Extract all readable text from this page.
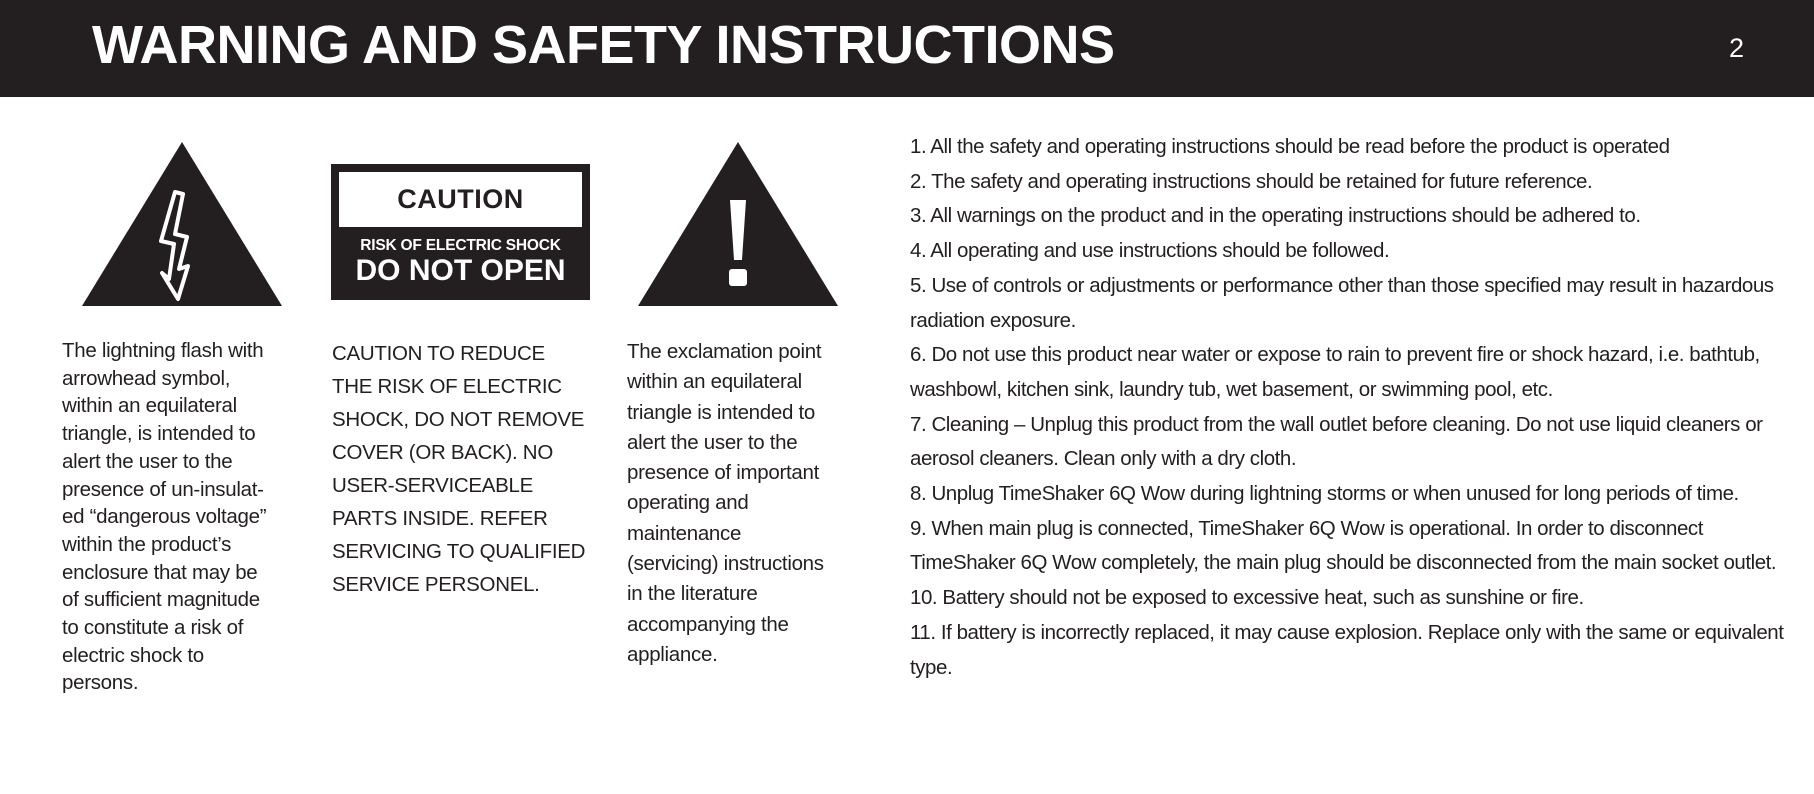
WARNING AND SAFETY INSTRUCTIONS	2
CAUTION
RISK OF ELECTRIC SHOCK
DO NOT OPEN
The lightning flash with
arrowhead symbol,
within an equilateral
triangle, is intended to
alert the user to the
presence of un-insulat-
ed “dangerous voltage”
within the product’s
enclosure that may be
of sufficient magnitude
to constitute a risk of
electric shock to
persons.
CAUTION TO REDUCE
THE RISK OF ELECTRIC
SHOCK, DO NOT REMOVE
COVER (OR BACK). NO
USER-SERVICEABLE
PARTS INSIDE. REFER
SERVICING TO QUALIFIED
SERVICE PERSONEL.
The exclamation point
within an equilateral
triangle is intended to
alert the user to the
presence of important
operating and
maintenance
(servicing) instructions
in the literature
accompanying the
appliance.
1. All the safety and operating instructions should be read before the product is operated
2. The safety and operating instructions should be retained for future reference.
3. All warnings on the product and in the operating instructions should be adhered to.
4. All operating and use instructions should be followed.
5. Use of controls or adjustments or performance other than those specified may result in hazardous radiation exposure.
6. Do not use this product near water or expose to rain to prevent fire or shock hazard, i.e. bathtub, washbowl, kitchen sink, laundry tub, wet basement, or swimming pool, etc.
7. Cleaning – Unplug this product from the wall outlet before cleaning. Do not use liquid cleaners or aerosol cleaners. Clean only with a dry cloth.
8. Unplug TimeShaker 6Q Wow during lightning storms or when unused for long periods of time.
9. When main plug is connected, TimeShaker 6Q Wow is operational. In order to disconnect TimeShaker 6Q Wow completely, the main plug should be disconnected from the main socket outlet.
10. Battery should not be exposed to excessive heat, such as sunshine or fire.
11. If battery is incorrectly replaced, it may cause explosion. Replace only with the same or equivalent type.
